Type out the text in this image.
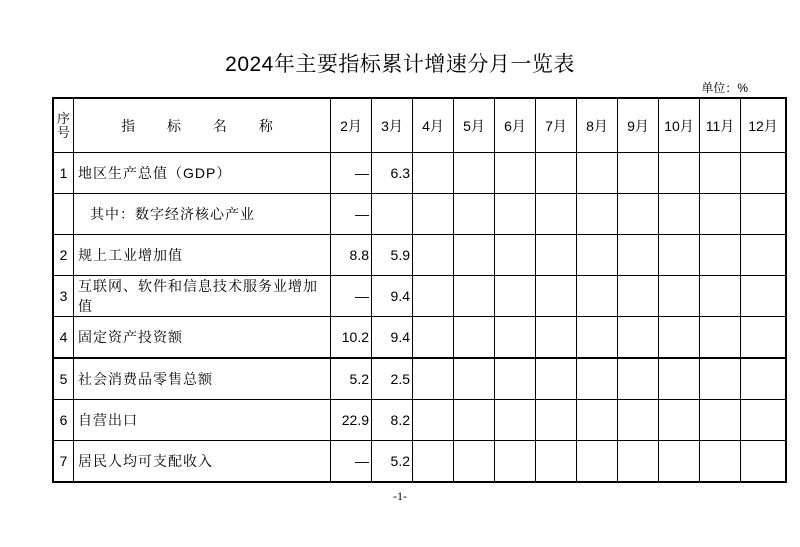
2024年主要指标累计增速分月一览表
单位：%
序号	指 标 名 称	2月	3月	4月	5月	6月	7月	8月	9月	10月	11月	12月
1	地区生产总值（GDP）	—	6.3									
	其中：数字经济核心产业	—										
2	规上工业增加值	8.8	5.9									
3	互联网、软件和信息技术服务业增加值	—	9.4									
4	固定资产投资额	10.2	9.4									
5	社会消费品零售总额	5.2	2.5									
6	自营出口	22.9	8.2									
7	居民人均可支配收入	—	5.2									
-1-
